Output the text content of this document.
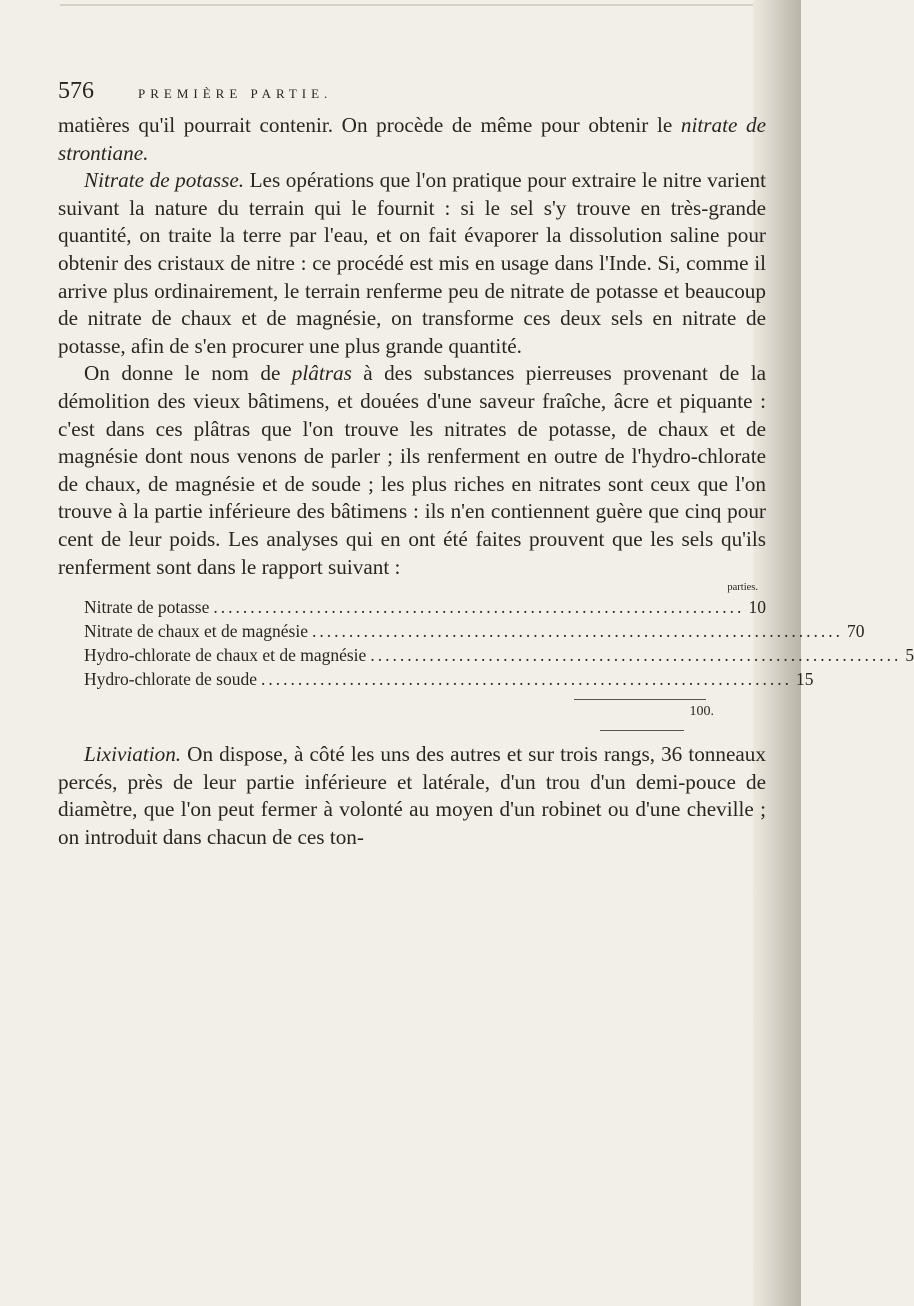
576	PREMIÈRE PARTIE.

matières qu'il pourrait contenir. On procède de même pour obtenir le nitrate de strontiane.

Nitrate de potasse. Les opérations que l'on pratique pour extraire le nitre varient suivant la nature du terrain qui le fournit : si le sel s'y trouve en très-grande quantité, on traite la terre par l'eau, et on fait évaporer la dissolution saline pour obtenir des cristaux de nitre : ce procédé est mis en usage dans l'Inde. Si, comme il arrive plus ordinairement, le terrain renferme peu de nitrate de potasse et beaucoup de nitrate de chaux et de magnésie, on transforme ces deux sels en nitrate de potasse, afin de s'en procurer une plus grande quantité.

On donne le nom de plâtras à des substances pierreuses provenant de la démolition des vieux bâtimens, et douées d'une saveur fraîche, âcre et piquante : c'est dans ces plâtras que l'on trouve les nitrates de potasse, de chaux et de magnésie dont nous venons de parler ; ils renferment en outre de l'hydro-chlorate de chaux, de magnésie et de soude ; les plus riches en nitrates sont ceux que l'on trouve à la partie inférieure des bâtimens : ils n'en contiennent guère que cinq pour cent de leur poids. Les analyses qui en ont été faites prouvent que les sels qu'ils renferment sont dans le rapport suivant :

parties.
Nitrate de potasse ........................................................................ 10
Nitrate de chaux et de magnésie ........................................................................ 70
Hydro-chlorate de chaux et de magnésie ........................................................................ 5
Hydro-chlorate de soude ........................................................................ 15
100.

Lixiviation. On dispose, à côté les uns des autres et sur trois rangs, 36 tonneaux percés, près de leur partie inférieure et latérale, d'un trou d'un demi-pouce de diamètre, que l'on peut fermer à volonté au moyen d'un robinet ou d'une cheville ; on introduit dans chacun de ces ton-
